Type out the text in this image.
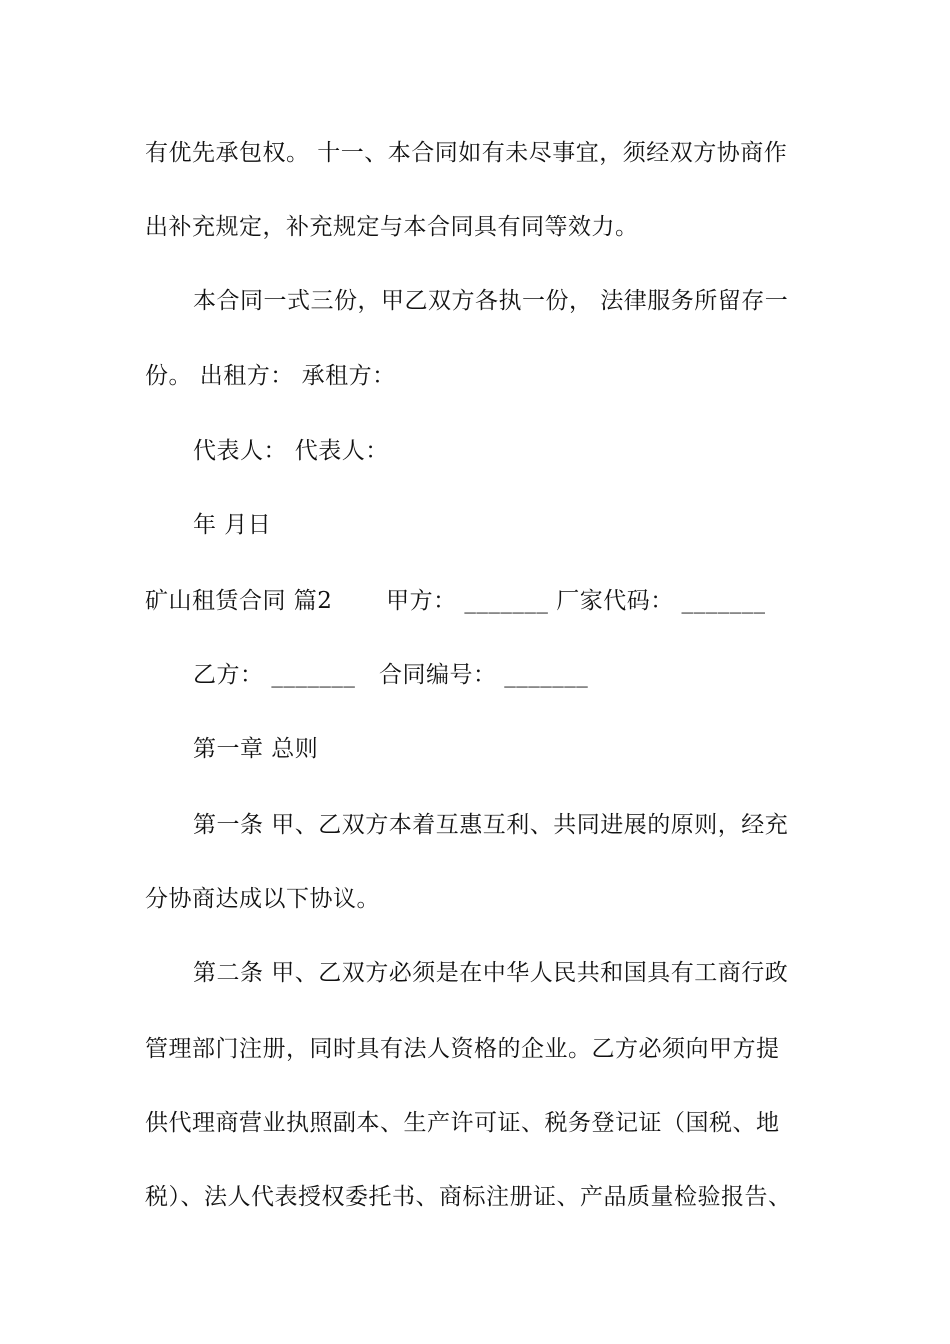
有优先承包权。 十一、本合同如有未尽事宜，须经双方协商作
出补充规定，补充规定与本合同具有同等效力。
本合同一式三份，甲乙双方各执一份， 法律服务所留存一
份。 出租方： 承租方：
代表人： 代表人：
年 月日
矿山租赁合同 篇2 甲方： _______ 厂家代码： _______
乙方： _______ 合同编号： _______
第一章 总则
第一条 甲、乙双方本着互惠互利、共同进展的原则，经充
分协商达成以下协议。
第二条 甲、乙双方必须是在中华人民共和国具有工商行政
管理部门注册，同时具有法人资格的企业。乙方必须向甲方提
供代理商营业执照副本、生产许可证、税务登记证（国税、地
税）、法人代表授权委托书、商标注册证、产品质量检验报告、
